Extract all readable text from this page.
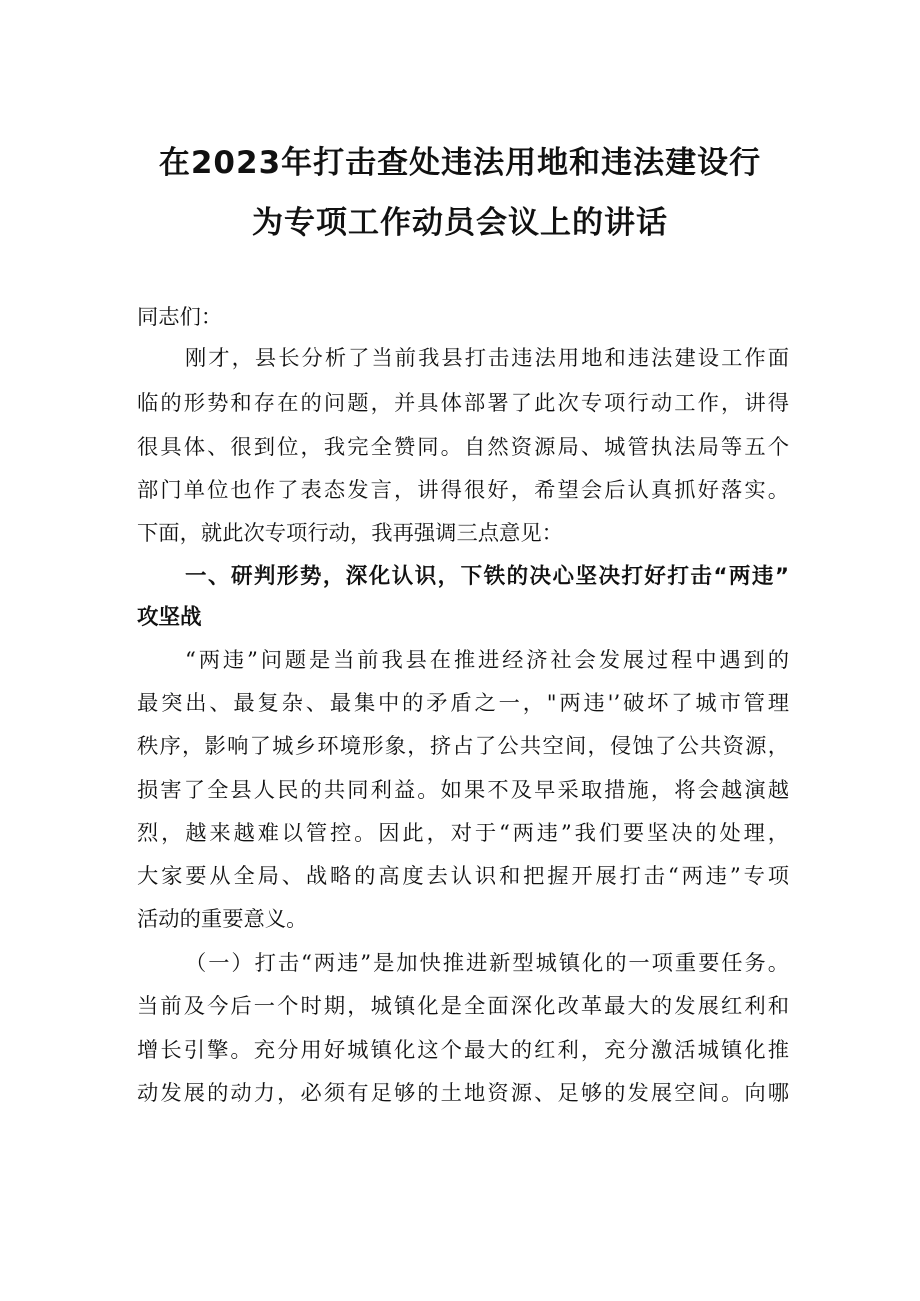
在2023年打击查处违法用地和违法建设行
为专项工作动员会议上的讲话
同志们：
刚才，县长分析了当前我县打击违法用地和违法建设工作面
临的形势和存在的问题，并具体部署了此次专项行动工作，讲得
很具体、很到位，我完全赞同。自然资源局、城管执法局等五个
部门单位也作了表态发言，讲得很好，希望会后认真抓好落实。
下面，就此次专项行动，我再强调三点意见：
一、研判形势，深化认识，下铁的决心坚决打好打击“两违”
攻坚战
“两违”问题是当前我县在推进经济社会发展过程中遇到的
最突出、最复杂、最集中的矛盾之一，"两违'’破坏了城市管理
秩序，影响了城乡环境形象，挤占了公共空间，侵蚀了公共资源，
损害了全县人民的共同利益。如果不及早采取措施，将会越演越
烈，越来越难以管控。因此，对于“两违”我们要坚决的处理，
大家要从全局、战略的高度去认识和把握开展打击“两违”专项
活动的重要意义。
（一）打击“两违”是加快推进新型城镇化的一项重要任务。
当前及今后一个时期，城镇化是全面深化改革最大的发展红利和
增长引擎。充分用好城镇化这个最大的红利，充分激活城镇化推
动发展的动力，必须有足够的土地资源、足够的发展空间。向哪
